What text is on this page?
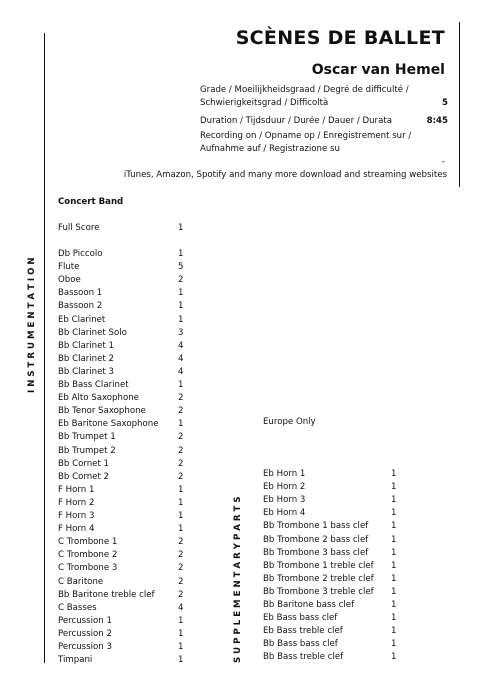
SCÈNES DE BALLET
Oscar van Hemel
Grade / Moeilijkheidsgraad / Degré de difficulté / Schwierigkeitsgrad / Difficoltà	5
Duration / Tijdsduur / Durée / Dauer / Durata	8:45
Recording on / Opname op / Enregistrement sur / Aufnahme auf / Registrazione su
-
iTunes, Amazon, Spotify and many more download and streaming websites
I N S T R U M E N T A T I O N
S U P P L E M E N T A R Y P A R T S
Concert Band
Full Score	1
Db Piccolo	1
Flute	5
Oboe	2
Bassoon 1	1
Bassoon 2	1
Eb Clarinet	1
Bb Clarinet Solo	3
Bb Clarinet 1	4
Bb Clarinet 2	4
Bb Clarinet 3	4
Bb Bass Clarinet	1
Eb Alto Saxophone	2
Bb Tenor Saxophone	2
Eb Baritone Saxophone 1
Bb Trumpet 1	2
Bb Trumpet 2	2
Bb Cornet 1	2
Bb Cornet 2	2
F Horn 1	1
F Horn 2	1
F Horn 3	1
F Horn 4	1
C Trombone 1	2
C Trombone 2	2
C Trombone 3	2
C Baritone	2
Bb Baritone treble clef	2
C Basses	4
Percussion 1	1
Percussion 2	1
Percussion 3	1
Timpani	1
Europe Only
Eb Horn 1	1
Eb Horn 2	1
Eb Horn 3	1
Eb Horn 4	1
Bb Trombone 1 bass clef	1
Bb Trombone 2 bass clef	1
Bb Trombone 3 bass clef	1
Bb Trombone 1 treble clef 1
Bb Trombone 2 treble clef 1
Bb Trombone 3 treble clef 1
Bb Baritone bass clef	1
Eb Bass bass clef	1
Eb Bass treble clef	1
Bb Bass bass clef	1
Bb Bass treble clef	1
